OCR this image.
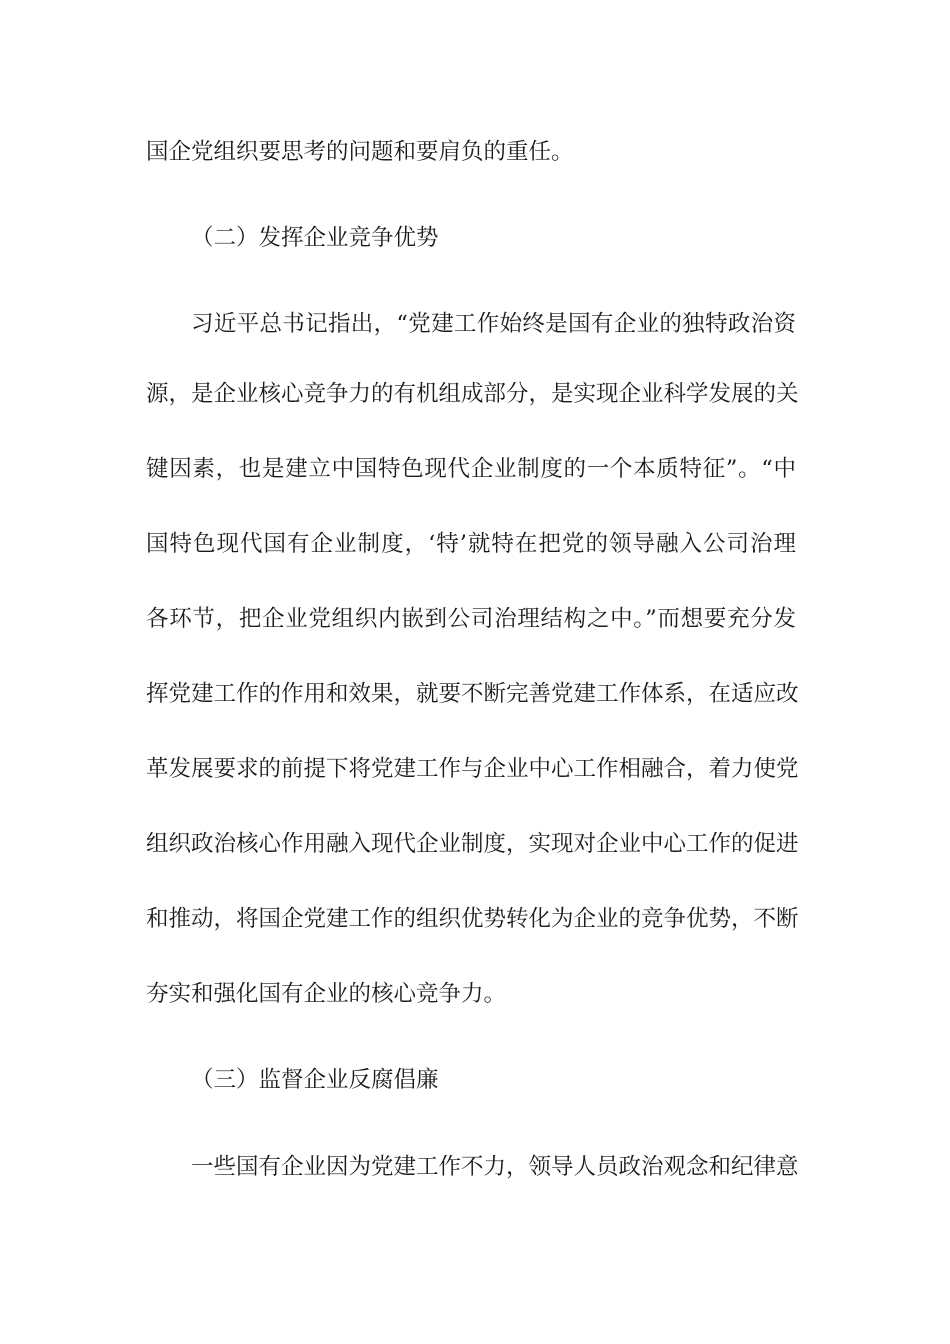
国企党组织要思考的问题和要肩负的重任。
（二）发挥企业竞争优势
习近平总书记指出，“党建工作始终是国有企业的独特政治资
源，是企业核心竞争力的有机组成部分，是实现企业科学发展的关
键因素，也是建立中国特色现代企业制度的一个本质特征”。“中
国特色现代国有企业制度，‘特’就特在把党的领导融入公司治理
各环节，把企业党组织内嵌到公司治理结构之中。”而想要充分发
挥党建工作的作用和效果，就要不断完善党建工作体系，在适应改
革发展要求的前提下将党建工作与企业中心工作相融合，着力使党
组织政治核心作用融入现代企业制度，实现对企业中心工作的促进
和推动，将国企党建工作的组织优势转化为企业的竞争优势，不断
夯实和强化国有企业的核心竞争力。
（三）监督企业反腐倡廉
一些国有企业因为党建工作不力，领导人员政治观念和纪律意
